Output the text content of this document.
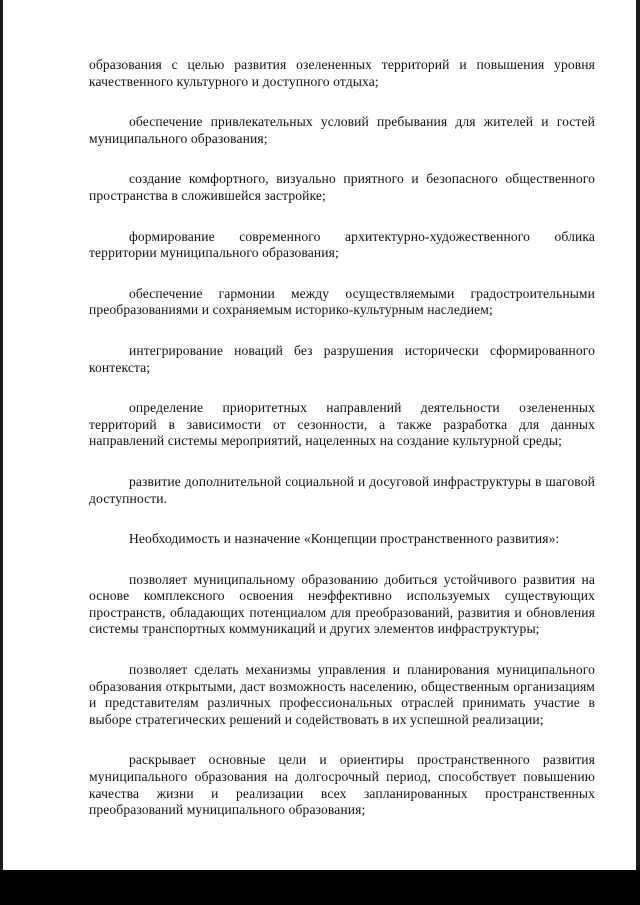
образования с целью развития озелененных территорий и повышения уровня качественного культурного и доступного отдыха;

обеспечение привлекательных условий пребывания для жителей и гостей муниципального образования;

создание комфортного, визуально приятного и безопасного общественного пространства в сложившейся застройке;

формирование современного архитектурно-художественного облика территории муниципального образования;

обеспечение гармонии между осуществляемыми градостроительными преобразованиями и сохраняемым историко-культурным наследием;

интегрирование новаций без разрушения исторически сформированного контекста;

определение приоритетных направлений деятельности озелененных территорий в зависимости от сезонности, а также разработка для данных направлений системы мероприятий, нацеленных на создание культурной среды;

развитие дополнительной социальной и досуговой инфраструктуры в шаговой доступности.

Необходимость и назначение «Концепции пространственного развития»:

позволяет муниципальному образованию добиться устойчивого развития на основе комплексного освоения неэффективно используемых существующих пространств, обладающих потенциалом для преобразований, развития и обновления системы транспортных коммуникаций и других элементов инфраструктуры;

позволяет сделать механизмы управления и планирования муниципального образования открытыми, даст возможность населению, общественным организациям и представителям различных профессиональных отраслей принимать участие в выборе стратегических решений и содействовать в их успешной реализации;

раскрывает основные цели и ориентиры пространственного развития муниципального образования на долгосрочный период, способствует повышению качества жизни и реализации всех запланированных пространственных преобразований муниципального образования;
